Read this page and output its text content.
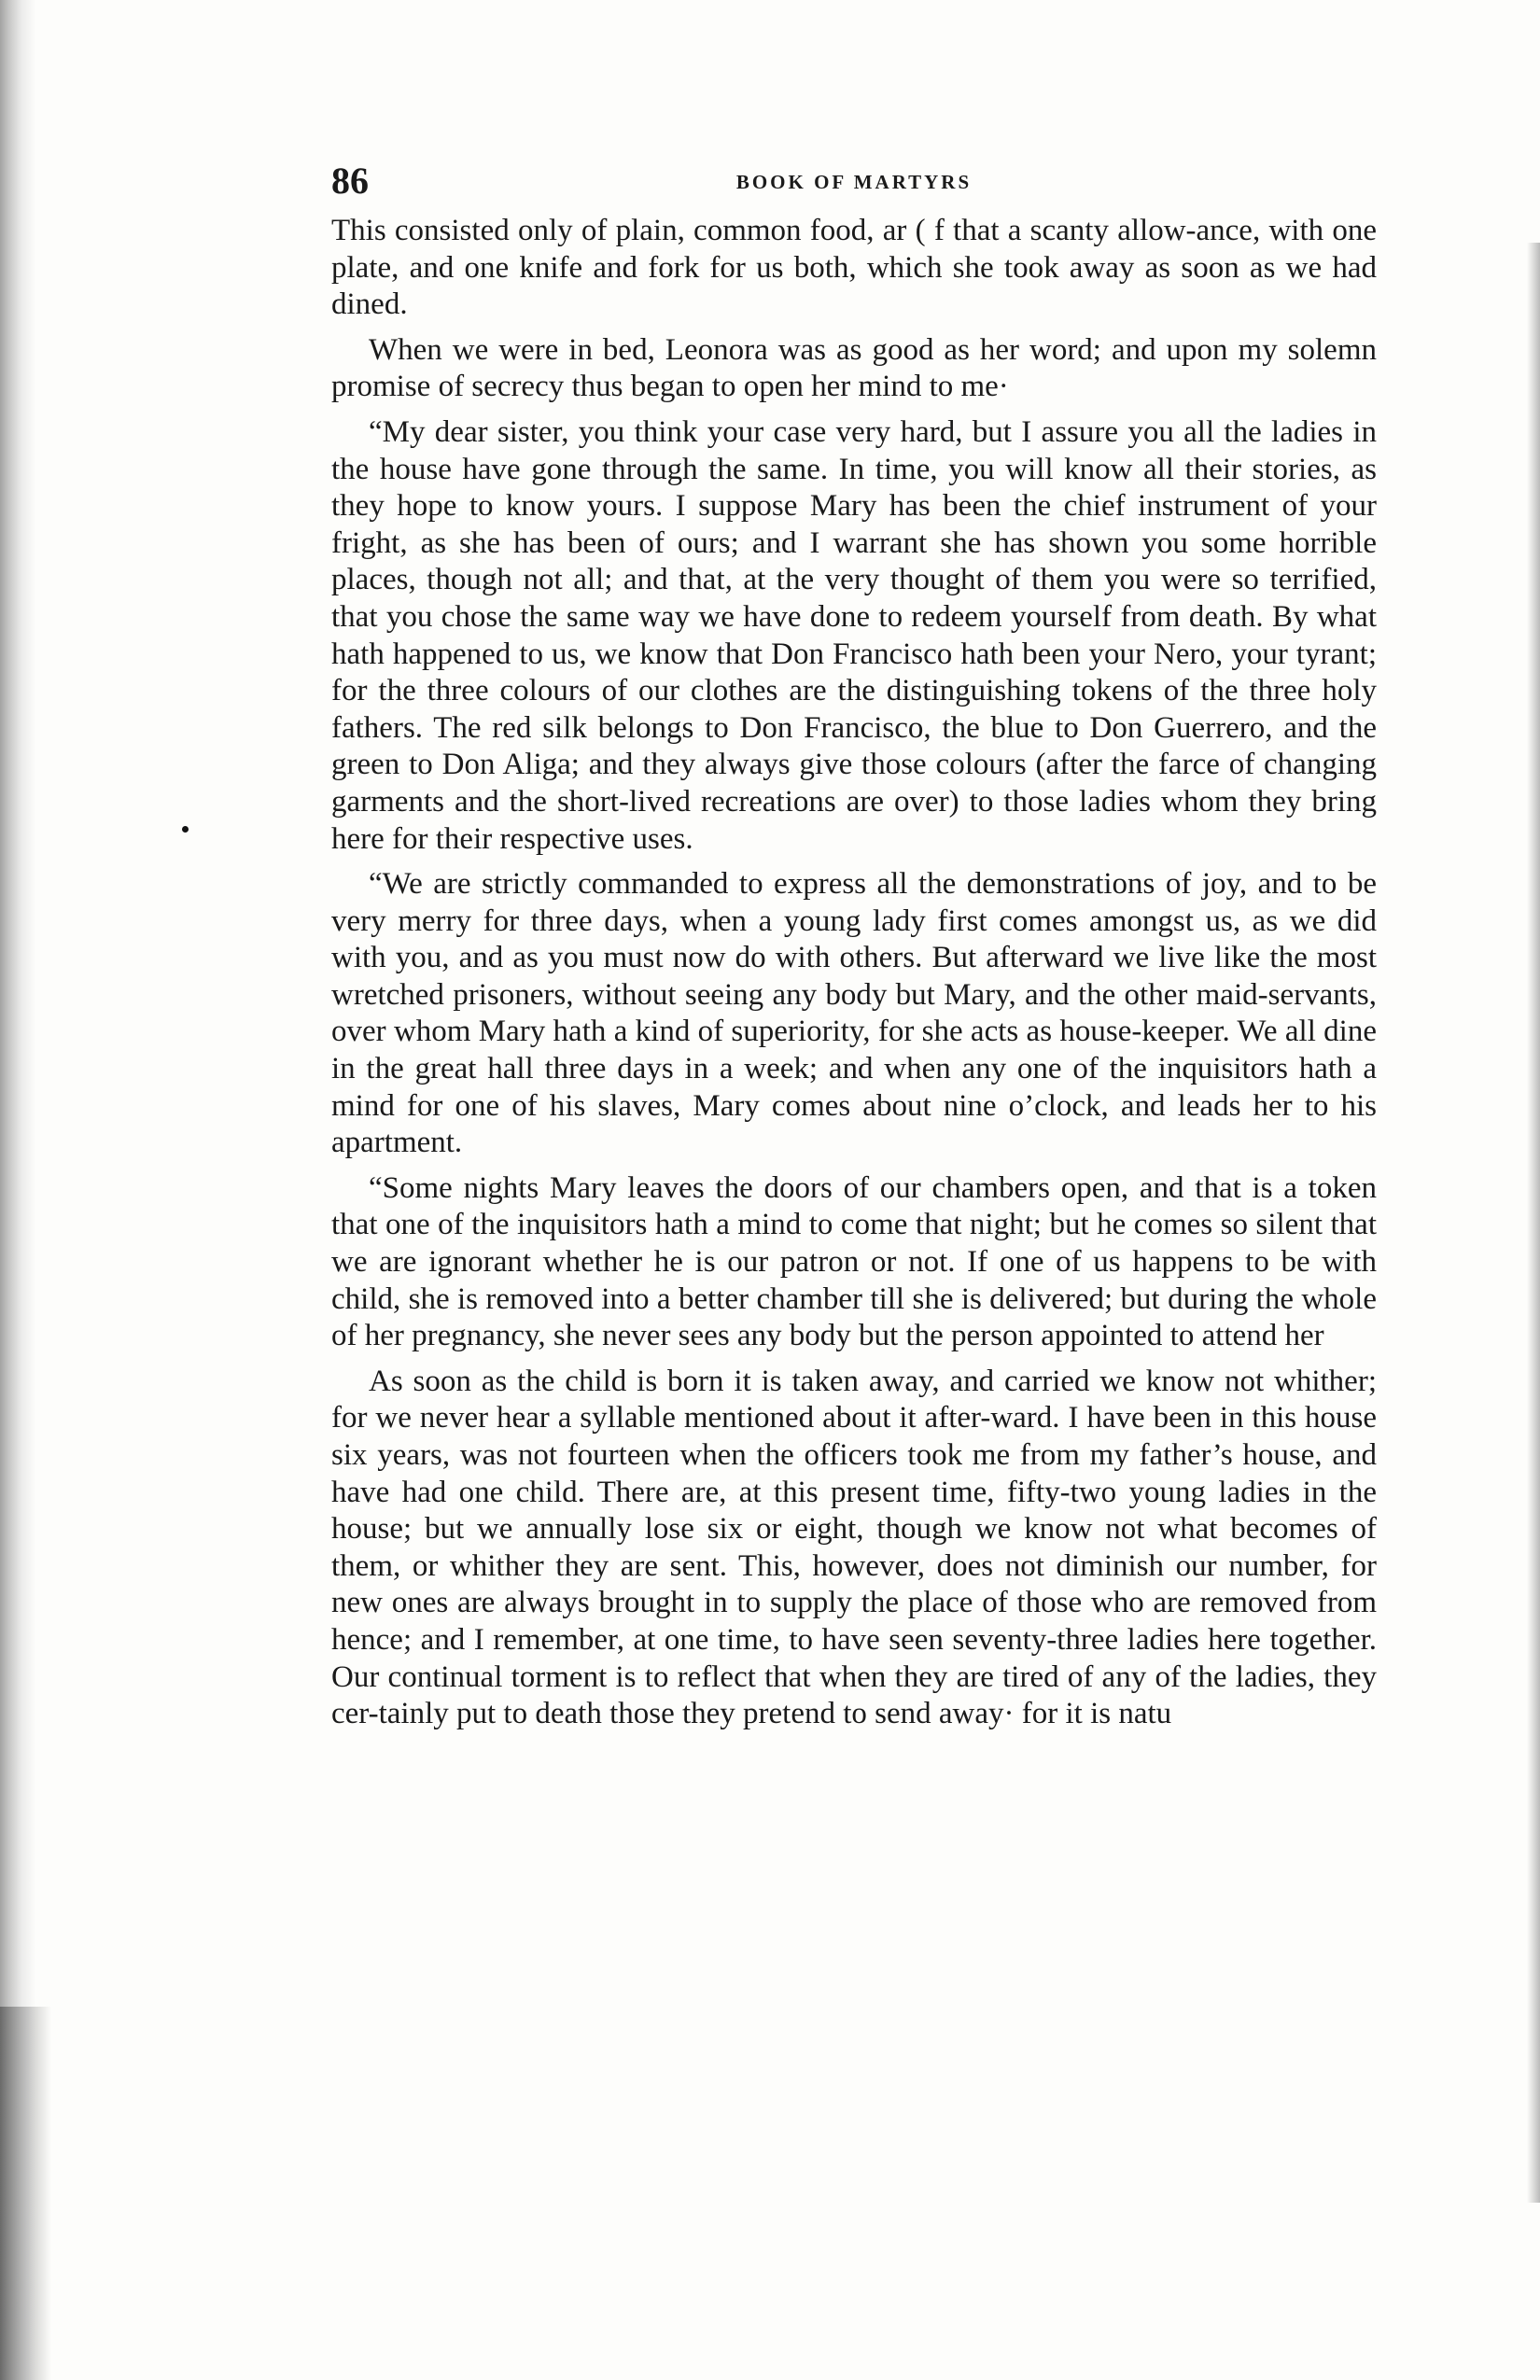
86	BOOK OF MARTYRS

This consisted only of plain, common food, ar ( f that a scanty allow-ance, with one plate, and one knife and fork for us both, which she took away as soon as we had dined.

When we were in bed, Leonora was as good as her word; and upon my solemn promise of secrecy thus began to open her mind to me·

“My dear sister, you think your case very hard, but I assure you all the ladies in the house have gone through the same. In time, you will know all their stories, as they hope to know yours. I suppose Mary has been the chief instrument of your fright, as she has been of ours; and I warrant she has shown you some horrible places, though not all; and that, at the very thought of them you were so terrified, that you chose the same way we have done to redeem yourself from death. By what hath happened to us, we know that Don Francisco hath been your Nero, your tyrant; for the three colours of our clothes are the distinguishing tokens of the three holy fathers. The red silk belongs to Don Francisco, the blue to Don Guerrero, and the green to Don Aliga; and they always give those colours (after the farce of changing garments and the short-lived recreations are over) to those ladies whom they bring here for their respective uses.

“We are strictly commanded to express all the demonstrations of joy, and to be very merry for three days, when a young lady first comes amongst us, as we did with you, and as you must now do with others. But afterward we live like the most wretched prisoners, without seeing any body but Mary, and the other maid-servants, over whom Mary hath a kind of superiority, for she acts as house-keeper. We all dine in the great hall three days in a week; and when any one of the inquisitors hath a mind for one of his slaves, Mary comes about nine o’clock, and leads her to his apartment.

“Some nights Mary leaves the doors of our chambers open, and that is a token that one of the inquisitors hath a mind to come that night; but he comes so silent that we are ignorant whether he is our patron or not. If one of us happens to be with child, she is removed into a better chamber till she is delivered; but during the whole of her pregnancy, she never sees any body but the person appointed to attend her

As soon as the child is born it is taken away, and carried we know not whither; for we never hear a syllable mentioned about it after-ward. I have been in this house six years, was not fourteen when the officers took me from my father’s house, and have had one child. There are, at this present time, fifty-two young ladies in the house; but we annually lose six or eight, though we know not what becomes of them, or whither they are sent. This, however, does not diminish our number, for new ones are always brought in to supply the place of those who are removed from hence; and I remember, at one time, to have seen seventy-three ladies here together. Our continual torment is to reflect that when they are tired of any of the ladies, they cer-tainly put to death those they pretend to send away· for it is natu
